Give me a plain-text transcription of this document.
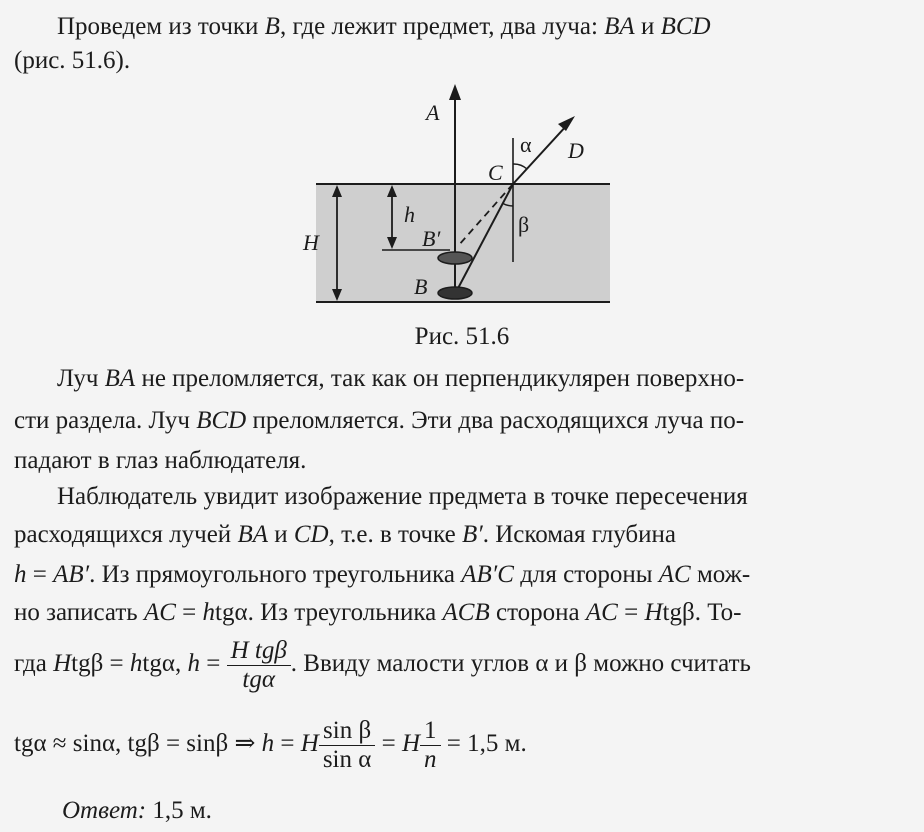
Проведем из точки B, где лежит предмет, два луча: BA и BCD
(рис. 51.6).
A
C
D
α
β
h
H	B′
B
Рис. 51.6
Луч BA не преломляется, так как он перпендикулярен поверхно-
сти раздела. Луч BCD преломляется. Эти два расходящихся луча по-
падают в глаз наблюдателя.
Наблюдатель увидит изображение предмета в точке пересечения
расходящихся лучей BA и CD, т.е. в точке B′. Искомая глубина
h = AB′. Из прямоугольного треугольника AB′C для стороны AC мож-
но записать AC = htgα. Из треугольника ACB сторона AC = Htgβ. То-
гда Htgβ = htgα, $h = \frac{\text{H tgβ}}{\text{tgα}}$ . Ввиду малости углов α и β можно считать
tgα ≈ sinα, tgβ = sinβ ⇒ h = H $\frac{\text{sin β}}{\text{sin α}} = H \frac{1}{n} = 1,5$ м.
Ответ: 1,5 м.
